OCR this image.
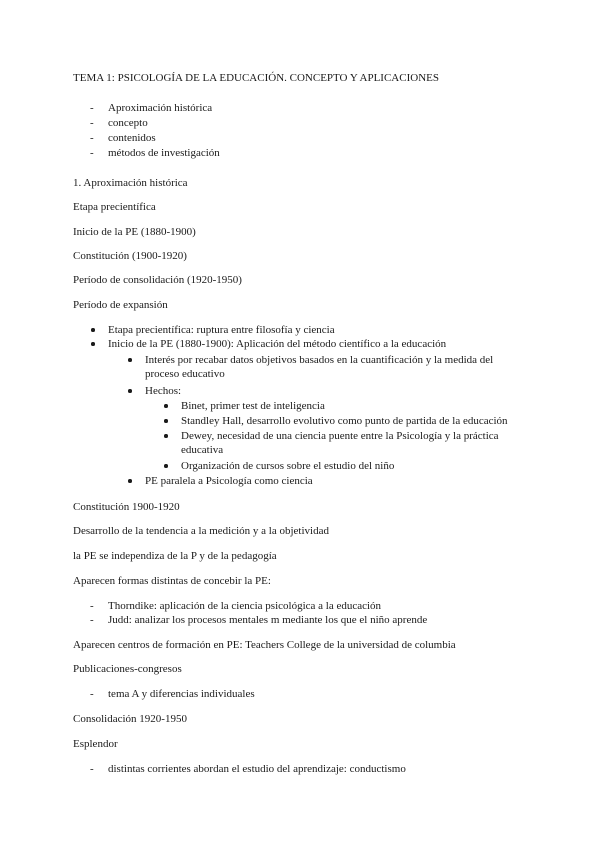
TEMA 1: PSICOLOGÍA DE LA EDUCACIÓN. CONCEPTO Y APLICACIONES
- Aproximación histórica
- concepto
- contenidos
- métodos de investigación
1. Aproximación histórica
Etapa precientífica
Inicio de la PE (1880-1900)
Constitución (1900-1920)
Período de consolidación (1920-1950)
Período de expansión
Etapa precientífica: ruptura entre filosofía y ciencia
Inicio de la PE (1880-1900): Aplicación del método científico a la educación
Interés por recabar datos objetivos basados en la cuantificación y la medida del
proceso educativo
Hechos:
Binet, primer test de inteligencia
Standley Hall, desarrollo evolutivo como punto de partida de la educación
Dewey, necesidad de una ciencia puente entre la Psicología y la práctica
educativa
Organización de cursos sobre el estudio del niño
PE paralela a Psicología como ciencia
Constitución 1900-1920
Desarrollo de la tendencia a la medición y a la objetividad
la PE se independiza de la P y de la pedagogía
Aparecen formas distintas de concebir la PE:
- Thorndike: aplicación de la ciencia psicológica a la educación
- Judd: analizar los procesos mentales m mediante los que el niño aprende
Aparecen centros de formación en PE: Teachers College de la universidad de columbia
Publicaciones-congresos
- tema A y diferencias individuales
Consolidación 1920-1950
Esplendor
- distintas corrientes abordan el estudio del aprendizaje: conductismo
